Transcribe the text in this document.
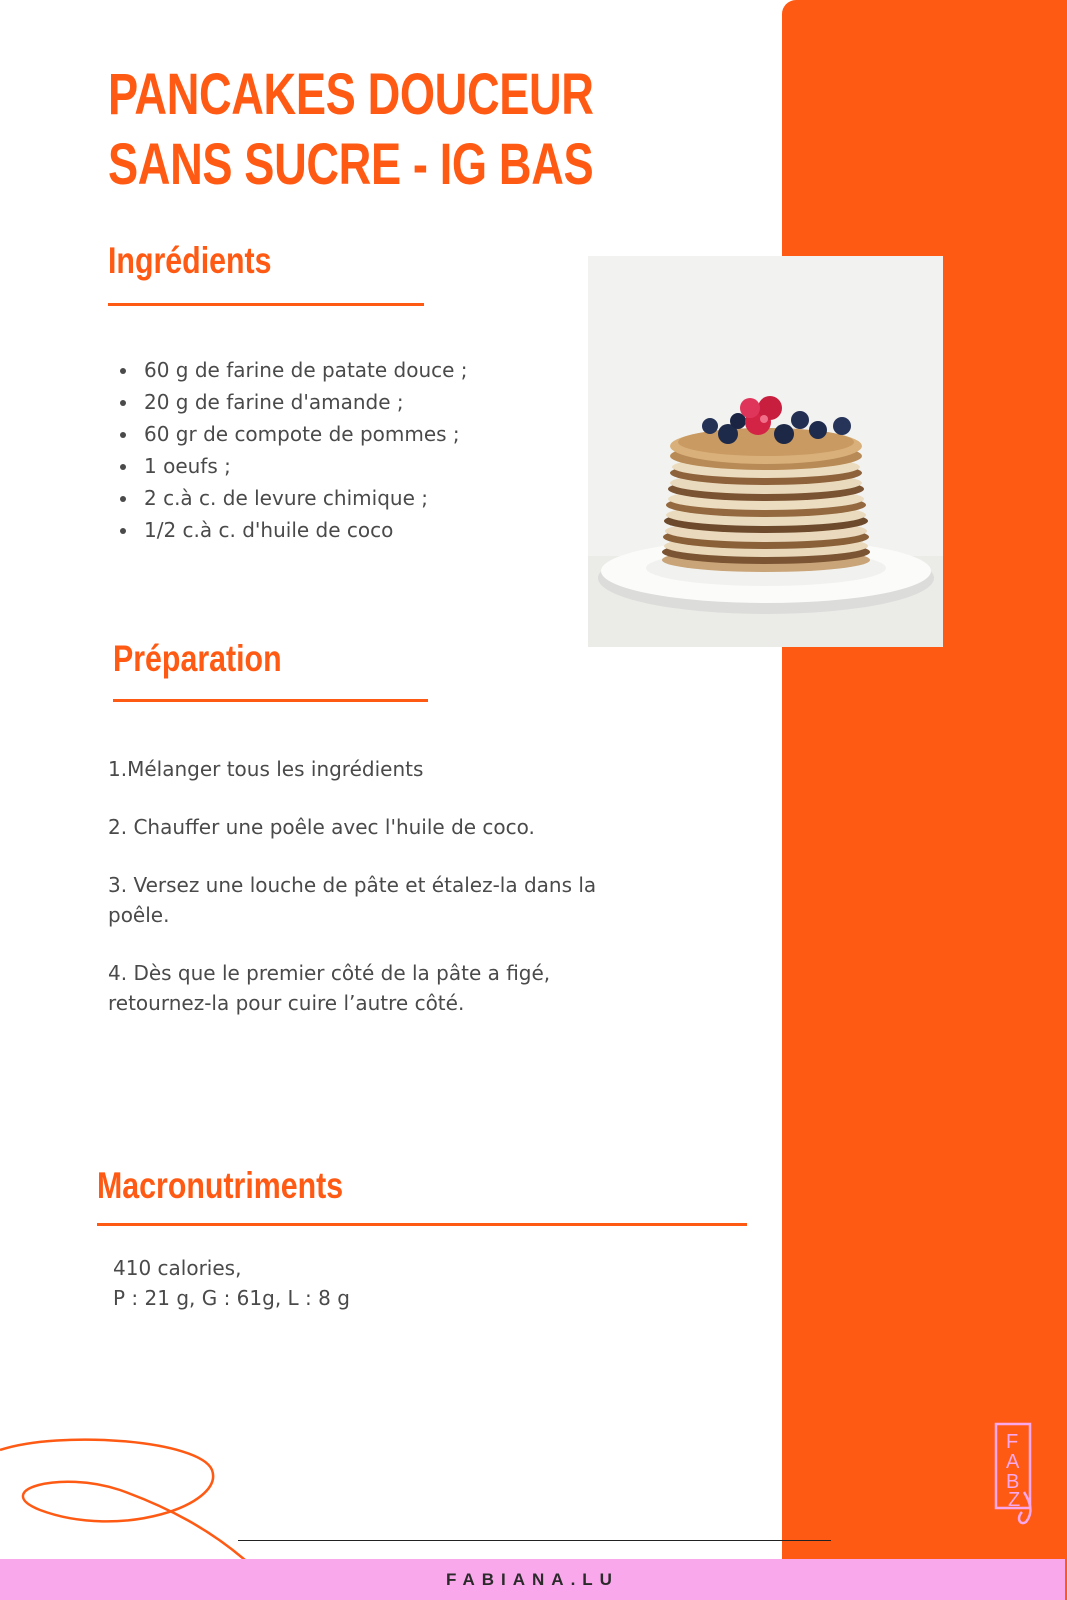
PANCAKES DOUCEUR
SANS SUCRE - IG BAS
Ingrédients
60 g de farine de patate douce ;
20 g de farine d'amande ;
60 gr de compote de pommes ;
1 oeufs ;
2 c.à c. de levure chimique ;
1/2 c.à c. d'huile de coco
Préparation

1.Mélanger tous les ingrédients

2. Chauffer une poêle avec l'huile de coco.

3. Versez une louche de pâte et étalez-la dans la poêle.

4. Dès que le premier côté de la pâte a figé, retournez-la pour cuire l’autre côté.

Macronutriments
410 calories,
P : 21 g, G : 61g, L : 8 g
F
A
B
Z
FABIANA.LU
